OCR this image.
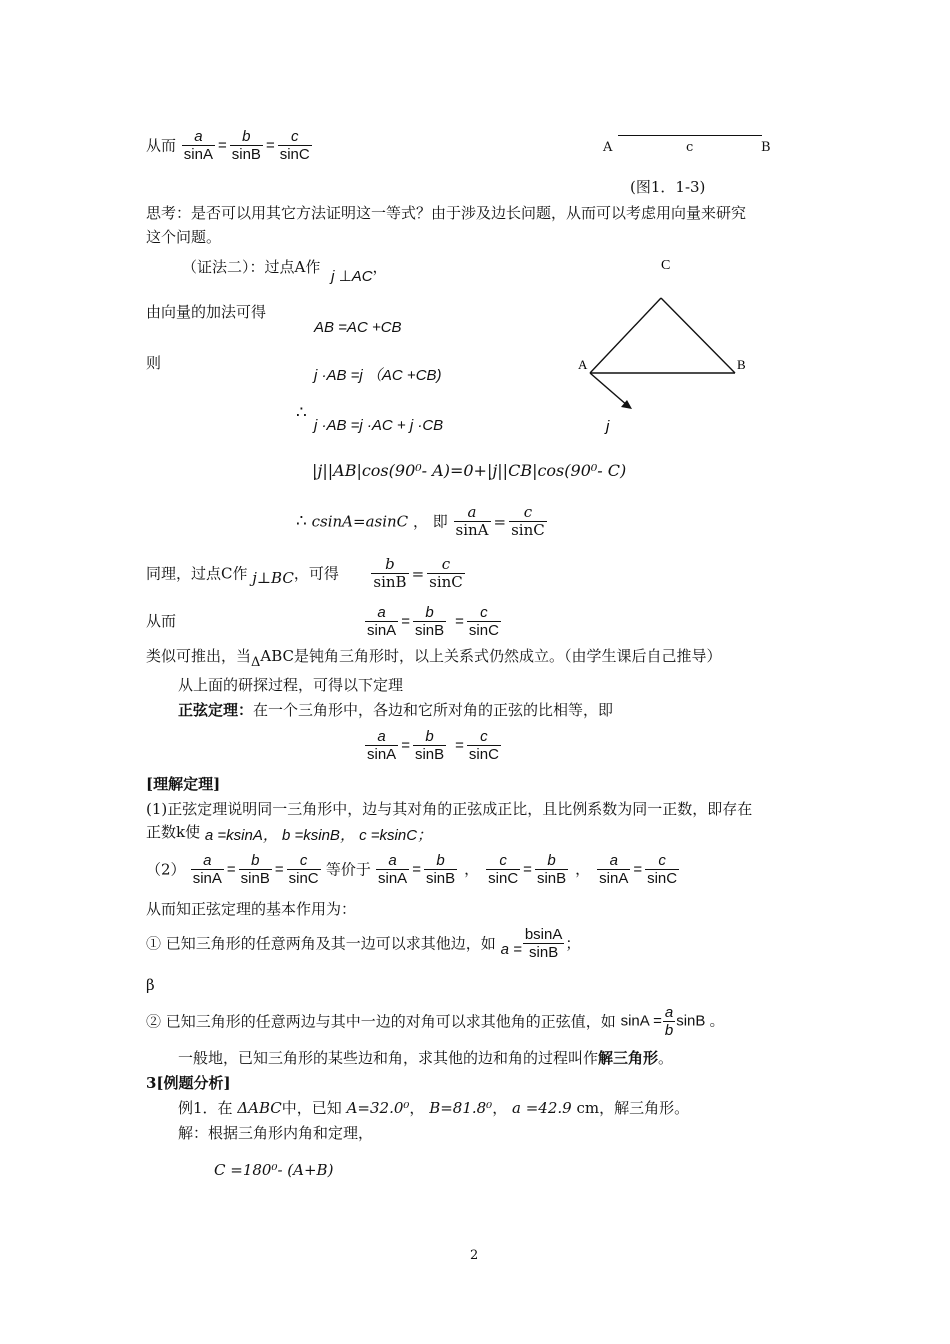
从而 $\frac{a}{\sin A} = \frac{b}{\sin B} = \frac{c}{\sin C}$	A	c	B
(图1．1-3)
思考：是否可以用其它方法证明这一等式？由于涉及边长问题，从而可以考虑用向量来研究
这个问题。
（证法二）：过点A作 j ⊥AC，
由向量的加法可得
AB =AC +CB
则
j ·AB =j （AC +CB)
∴
j ·AB =j ·AC + j ·CB
|j||AB|cos(90⁰- A)=0+|j||CB|cos(90⁰- C)
∴ csinA=asinC ， 即 $\frac{a}{\sin A} = \frac{c}{\sin C}$
同理，过点C作 j⊥BC，可得 $\frac{b}{\sin B} = \frac{c}{\sin C}$
从而	$\frac{a}{\sin A} = \frac{b}{\sin B} = \frac{c}{\sin C}$
C
A	B
j
类似可推出，当ΔABC是钝角三角形时，以上关系式仍然成立。（由学生课后自己推导）
从上面的研探过程，可得以下定理
正弦定理：在一个三角形中，各边和它所对角的正弦的比相等，即
$\frac{a}{\sin A} = \frac{b}{\sin B} = \frac{c}{\sin C}$
[理解定理]
(1)正弦定理说明同一三角形中，边与其对角的正弦成正比，且比例系数为同一正数，即存在
正数k使 a =ksinA， b =ksinB， c =ksinC；
$(2) \frac{a}{\sin A} = \frac{b}{\sin B} = \frac{c}{\sin C}$ 等价于 $\frac{a}{\sin A} = \frac{b}{\sin B}$ ， $\frac{c}{\sin C} = \frac{b}{\sin B}$ ， $\frac{a}{\sin A} = \frac{c}{\sin C}$
从而知正弦定理的基本作用为：
① 已知三角形的任意两角及其一边可以求其他边，如 $a = \frac{bsinA}{\sin B}$ ；
β
② 已知三角形的任意两边与其中一边的对角可以求其他角的正弦值，如 $\sin A = \frac{a}{b}$ sinB 。
一般地，已知三角形的某些边和角，求其他的边和角的过程叫作解三角形。
3[例题分析]
例1．在 ΔABC中，已知 A=32.0⁰， B=81.8⁰， a =42.9 cm，解三角形。
解：根据三角形内角和定理，
C =180⁰- (A+B)
2
